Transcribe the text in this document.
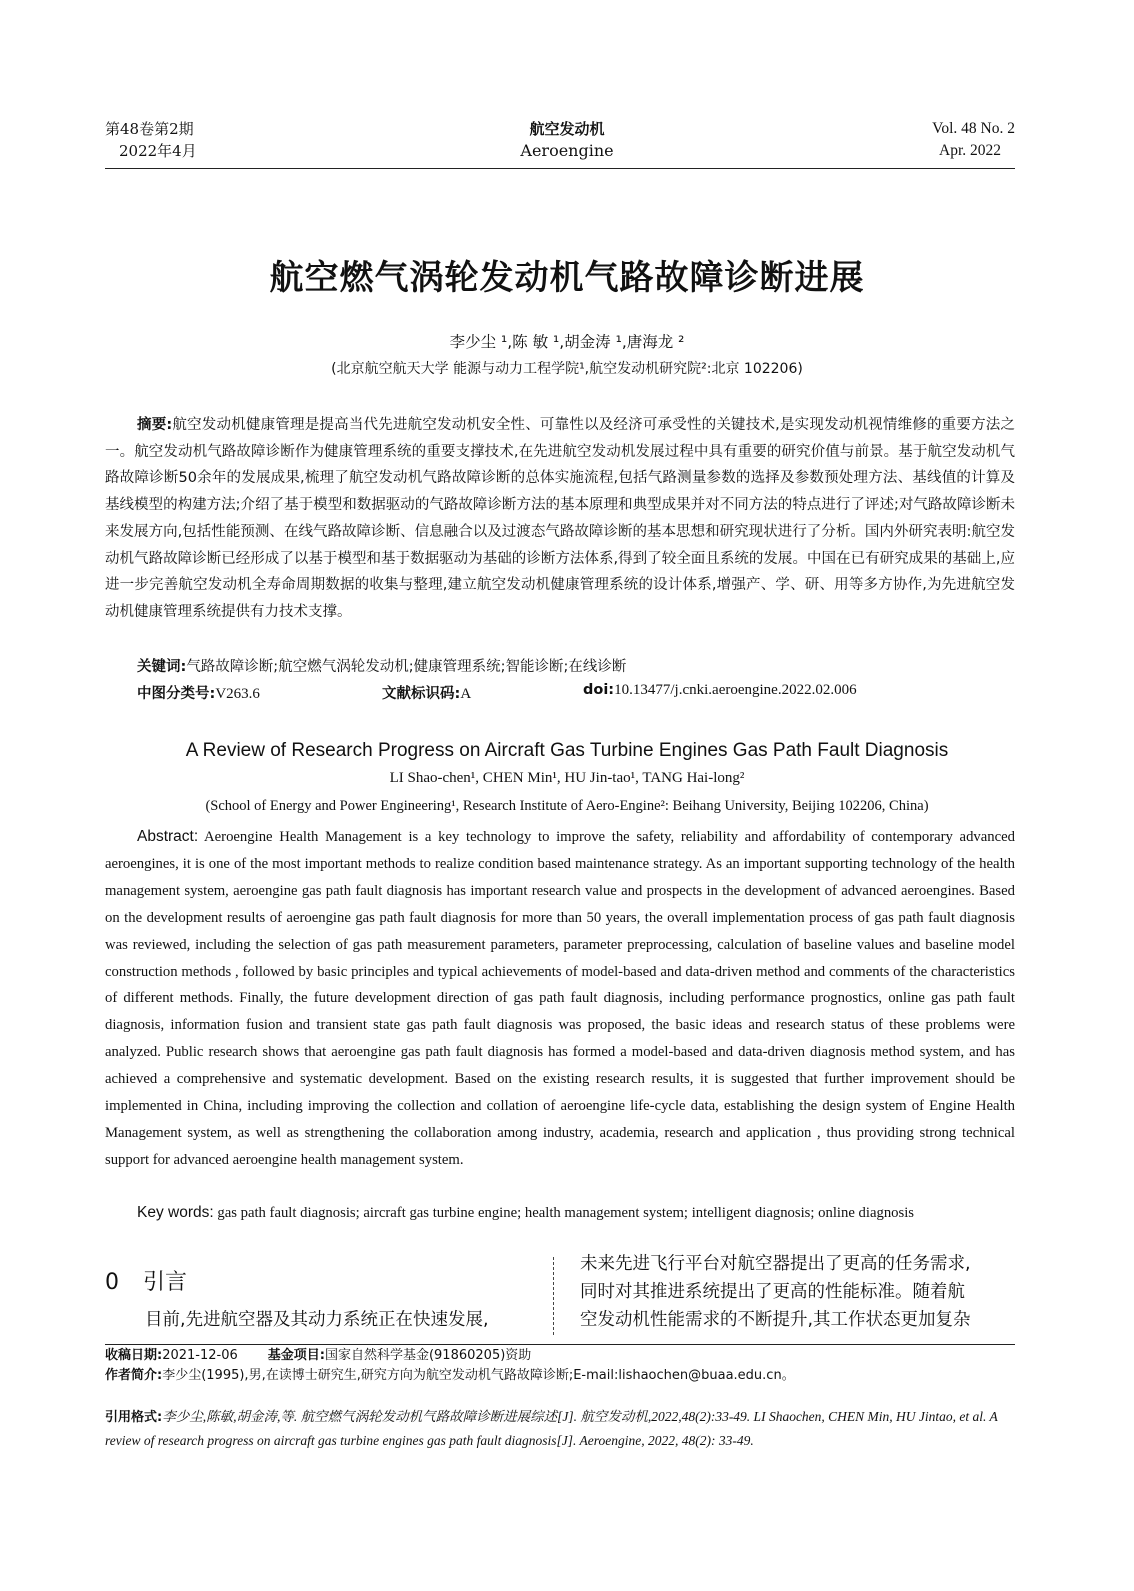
第48卷第2期
2022年4月
航空发动机
Aeroengine
Vol. 48 No. 2
Apr. 2022
航空燃气涡轮发动机气路故障诊断进展
李少尘 ¹,陈 敏 ¹,胡金涛 ¹,唐海龙 ²
(北京航空航天大学 能源与动力工程学院¹,航空发动机研究院²:北京 102206)
摘要:航空发动机健康管理是提高当代先进航空发动机安全性、可靠性以及经济可承受性的关键技术,是实现发动机视情维修的重要方法之一。航空发动机气路故障诊断作为健康管理系统的重要支撑技术,在先进航空发动机发展过程中具有重要的研究价值与前景。基于航空发动机气路故障诊断50余年的发展成果,梳理了航空发动机气路故障诊断的总体实施流程,包括气路测量参数的选择及参数预处理方法、基线值的计算及基线模型的构建方法;介绍了基于模型和数据驱动的气路故障诊断方法的基本原理和典型成果并对不同方法的特点进行了评述;对气路故障诊断未来发展方向,包括性能预测、在线气路故障诊断、信息融合以及过渡态气路故障诊断的基本思想和研究现状进行了分析。国内外研究表明:航空发动机气路故障诊断已经形成了以基于模型和基于数据驱动为基础的诊断方法体系,得到了较全面且系统的发展。中国在已有研究成果的基础上,应进一步完善航空发动机全寿命周期数据的收集与整理,建立航空发动机健康管理系统的设计体系,增强产、学、研、用等多方协作,为先进航空发动机健康管理系统提供有力技术支撑。
关键词:气路故障诊断;航空燃气涡轮发动机;健康管理系统;智能诊断;在线诊断
中图分类号:V263.6	文献标识码:A	doi:10.13477/j.cnki.aeroengine.2022.02.006
A Review of Research Progress on Aircraft Gas Turbine Engines Gas Path Fault Diagnosis
LI Shao-chen¹, CHEN Min¹, HU Jin-tao¹, TANG Hai-long²
(School of Energy and Power Engineering¹, Research Institute of Aero-Engine²: Beihang University, Beijing 102206, China)
Abstract: Aeroengine Health Management is a key technology to improve the safety, reliability and affordability of contemporary advanced aeroengines, it is one of the most important methods to realize condition based maintenance strategy. As an important supporting technology of the health management system, aeroengine gas path fault diagnosis has important research value and prospects in the development of advanced aeroengines. Based on the development results of aeroengine gas path fault diagnosis for more than 50 years, the overall implementation process of gas path fault diagnosis was reviewed, including the selection of gas path measurement parameters, parameter preprocessing, calculation of baseline values and baseline model construction methods , followed by basic principles and typical achievements of model-based and data-driven method and comments of the characteristics of different methods. Finally, the future development direction of gas path fault diagnosis, including performance prognostics, online gas path fault diagnosis, information fusion and transient state gas path fault diagnosis was proposed, the basic ideas and research status of these problems were analyzed. Public research shows that aeroengine gas path fault diagnosis has formed a model-based and data-driven diagnosis method system, and has achieved a comprehensive and systematic development. Based on the existing research results, it is suggested that further improvement should be implemented in China, including improving the collection and collation of aeroengine life-cycle data, establishing the design system of Engine Health Management system, as well as strengthening the collaboration among industry, academia, research and application , thus providing strong technical support for advanced aeroengine health management system.
Key words: gas path fault diagnosis; aircraft gas turbine engine; health management system; intelligent diagnosis; online diagnosis
0 引言
目前,先进航空器及其动力系统正在快速发展,
未来先进飞行平台对航空器提出了更高的任务需求,
同时对其推进系统提出了更高的性能标准。随着航
空发动机性能需求的不断提升,其工作状态更加复杂
收稿日期:2021-12-06 基金项目:国家自然科学基金(91860205)资助
作者简介:李少尘(1995),男,在读博士研究生,研究方向为航空发动机气路故障诊断;E-mail:lishaochen@buaa.edu.cn。
引用格式:李少尘,陈敏,胡金涛,等. 航空燃气涡轮发动机气路故障诊断进展综述[J]. 航空发动机,2022,48(2):33-49. LI Shaochen, CHEN Min, HU Jintao, et al. A review of research progress on aircraft gas turbine engines gas path fault diagnosis[J]. Aeroengine, 2022, 48(2): 33-49.
